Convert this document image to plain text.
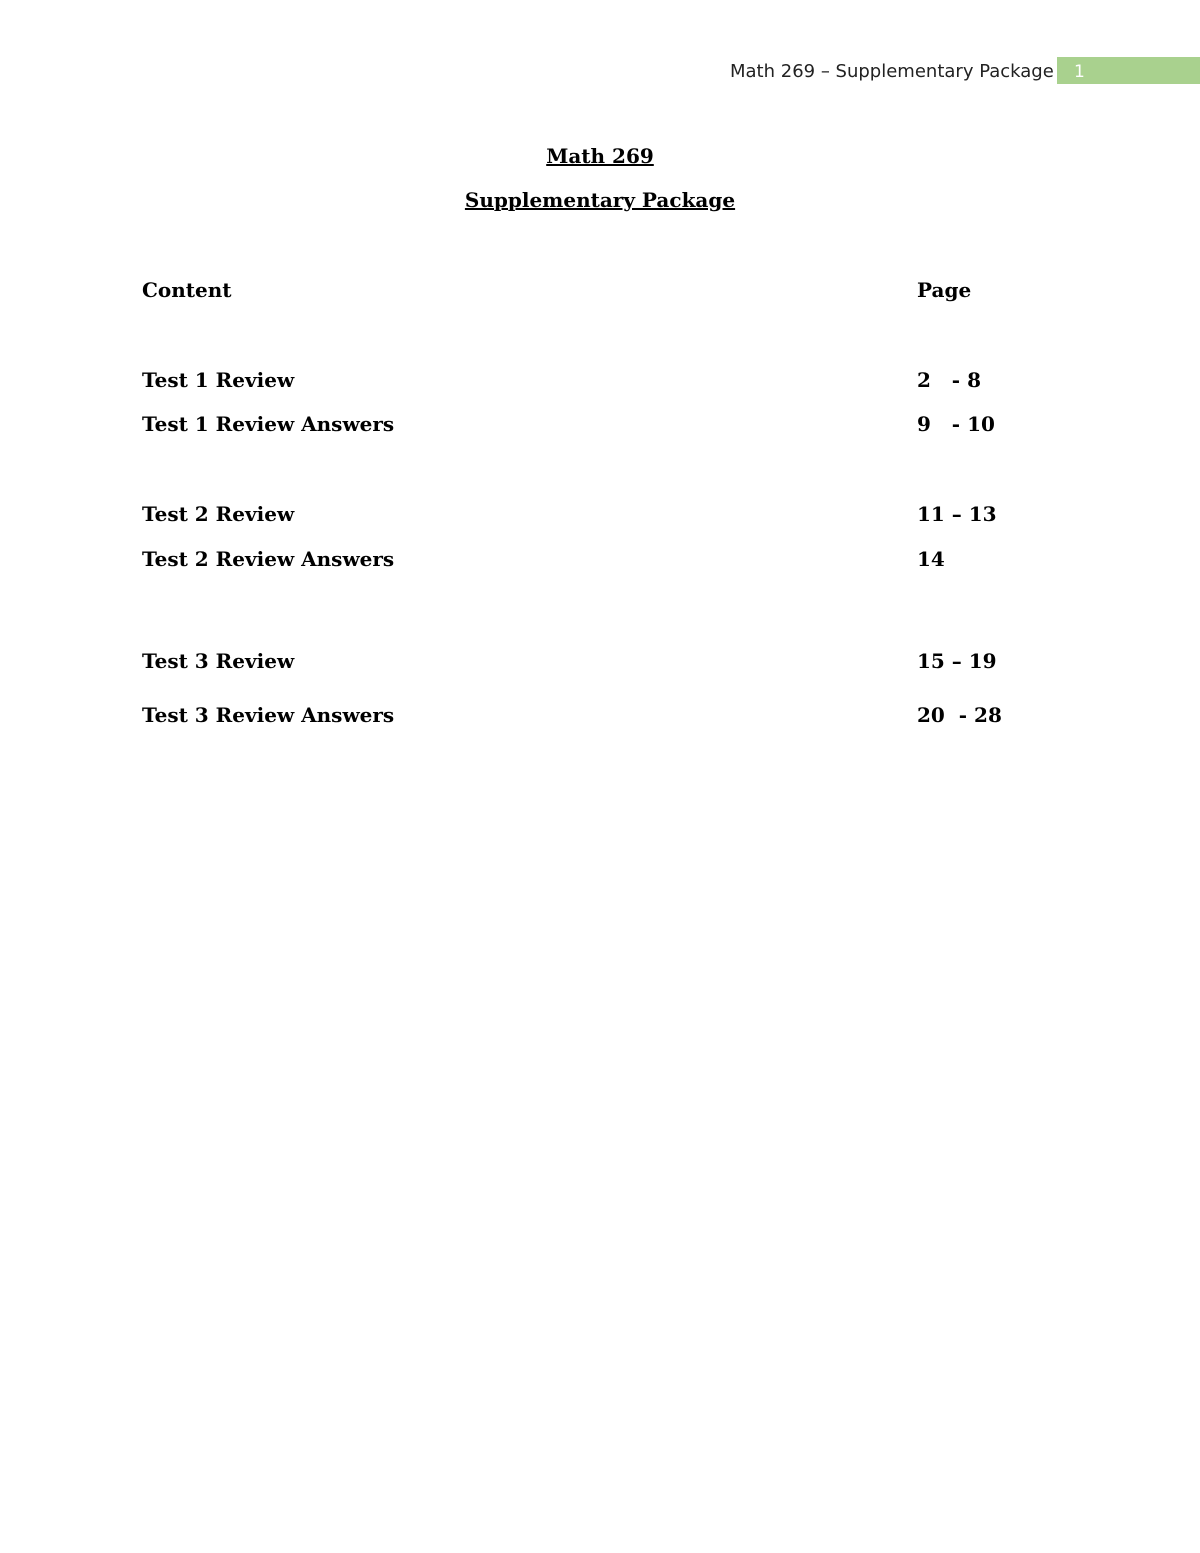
Math 269 – Supplementary Package 1
Math 269
Supplementary Package
Content	Page
Test 1 Review	2   - 8
Test 1 Review Answers	9   - 10
Test 2 Review	11 – 13
Test 2 Review Answers	14
Test 3 Review	15 – 19
Test 3 Review Answers	20  - 28
